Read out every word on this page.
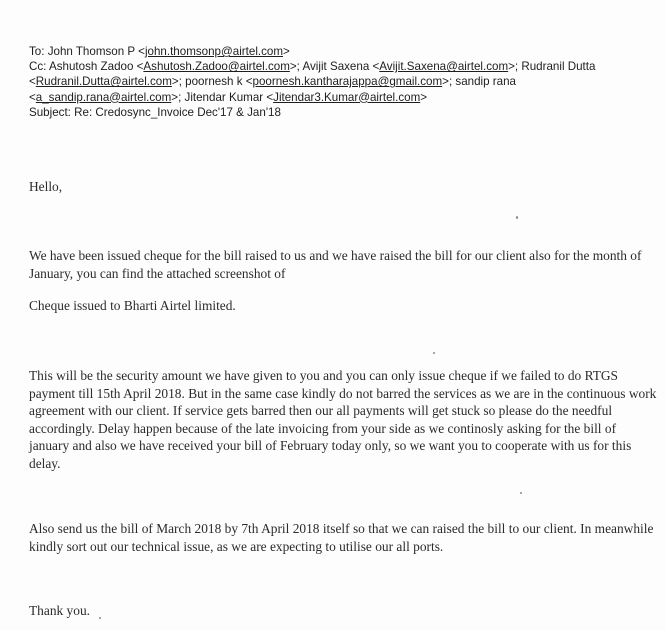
To: John Thomson P <john.thomsonp@airtel.com>
Cc: Ashutosh Zadoo <Ashutosh.Zadoo@airtel.com>; Avijit Saxena <Avijit.Saxena@airtel.com>; Rudranil Dutta
<Rudranil.Dutta@airtel.com>; poornesh k <poornesh.kantharajappa@gmail.com>; sandip rana
<a_sandip.rana@airtel.com>; Jitendar Kumar <Jitendar3.Kumar@airtel.com>
Subject: Re: Credosync_Invoice Dec'17 & Jan'18
Hello,
We have been issued cheque for the bill raised to us and we have raised the bill for our client also for the month of January, you can find the attached screenshot of
Cheque issued to Bharti Airtel limited.
This will be the security amount we have given to you and you can only issue cheque if we failed to do RTGS payment till 15th April 2018. But in the same case kindly do not barred the services as we are in the continuous work agreement with our client. If service gets barred then our all payments will get stuck so please do the needful accordingly. Delay happen because of the late invoicing from your side as we continosly asking for the bill of january and also we have received your bill of February today only, so we want you to cooperate with us for this delay.
Also send us the bill of March 2018 by 7th April 2018 itself so that we can raised the bill to our client. In meanwhile kindly sort out our technical issue, as we are expecting to utilise our all ports.
Thank you.
